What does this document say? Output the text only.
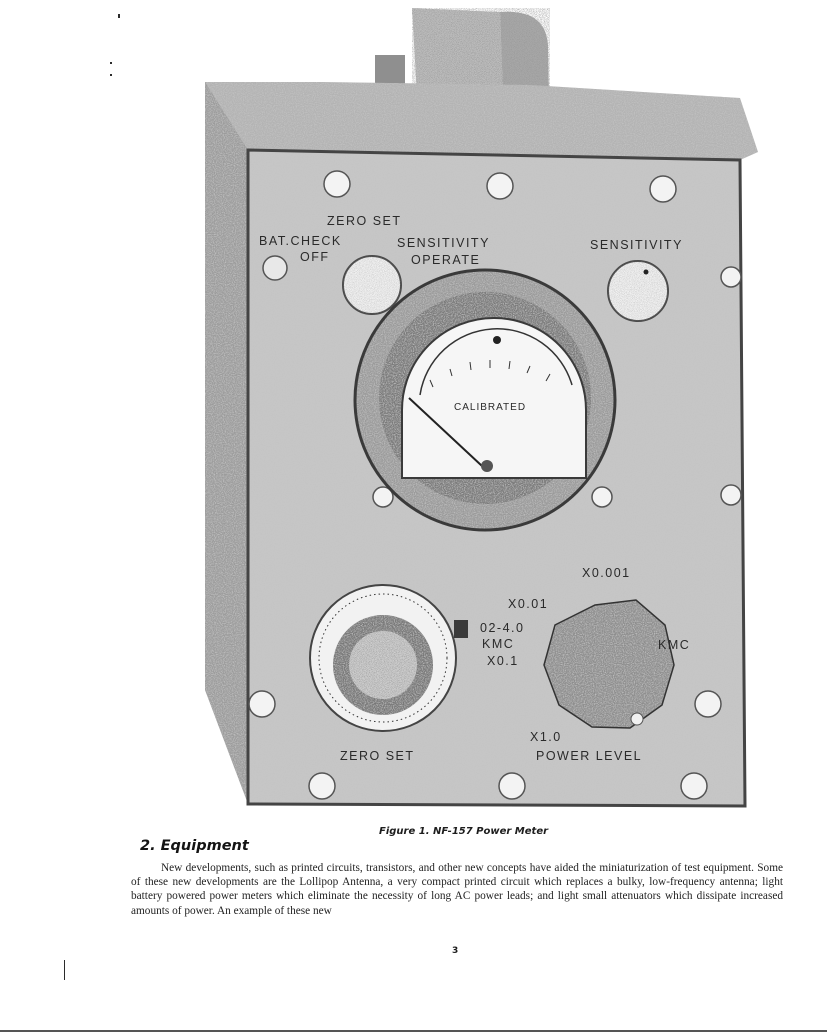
ZERO SET
BAT.CHECK	SENSITIVITY
OFF	OPERATE
SENSITIVITY
CALIBRATED
X0.001
X0.01
02-4.0
KMC
X0.1
KMC
X1.0
ZERO SET	POWER LEVEL
Figure 1. NF-157 Power Meter
2. Equipment
New developments, such as printed circuits, transistors, and other new concepts have aided the miniaturization of test equipment. Some of these new developments are the Lollipop Antenna, a very compact printed circuit which replaces a bulky, low-frequency antenna; light battery powered power meters which eliminate the necessity of long AC power leads; and light small attenuators which dissipate increased amounts of power. An example of these new
3
